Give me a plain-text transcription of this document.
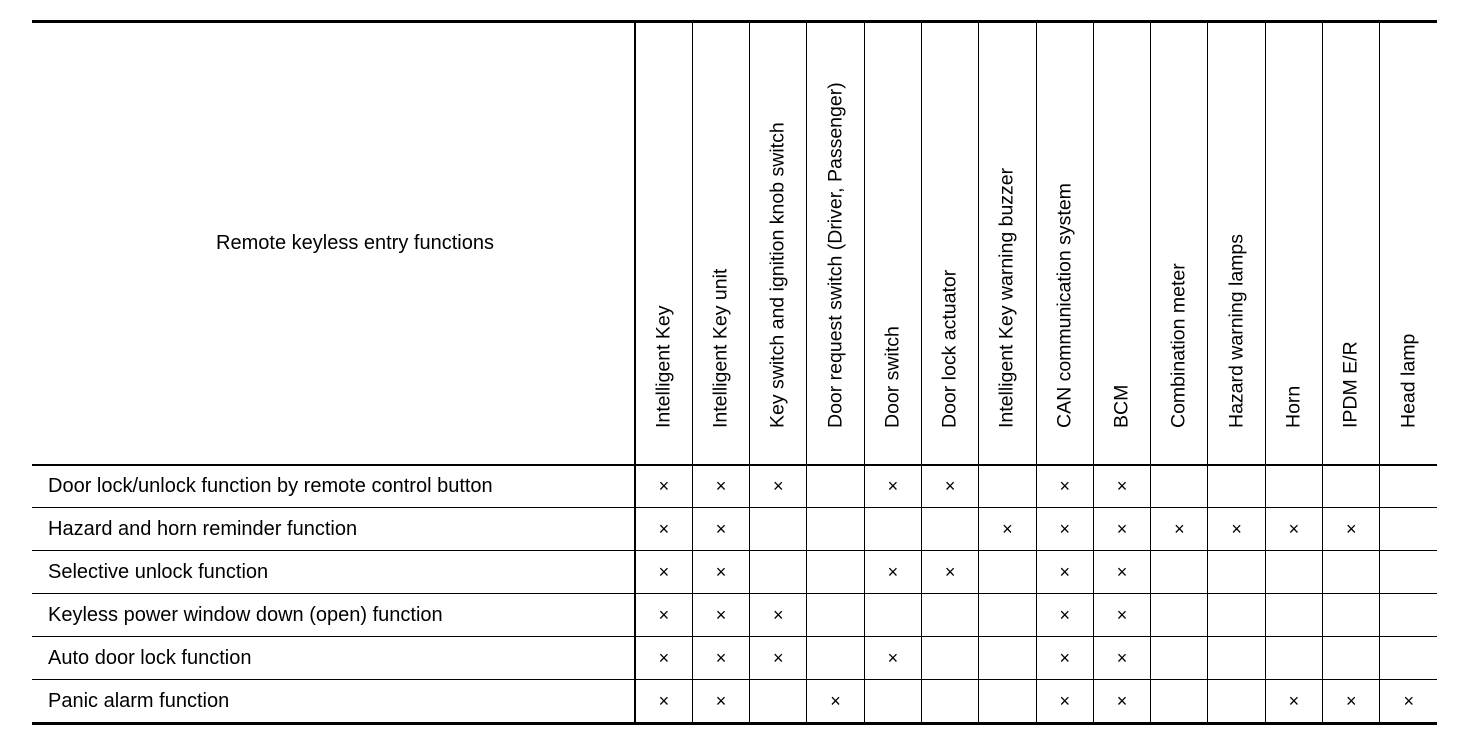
Remote keyless entry functions	Intelligent Key	Intelligent Key unit	Key switch and ignition knob switch	Door request switch (Driver, Passenger)	Door switch	Door lock actuator	Intelligent Key warning buzzer	CAN communication system	BCM	Combination meter	Hazard warning lamps	Horn	IPDM E/R	Head lamp

Door lock/unlock function by remote control button	×	×	×		×	×		×	×					
Hazard and horn reminder function	×	×					×	×	×	×	×	×	×	
Selective unlock function	×	×			×	×		×	×					
Keyless power window down (open) function	×	×	×					×	×					
Auto door lock function	×	×	×		×			×	×					
Panic alarm function	×	×		×				×	×			×	×	×
